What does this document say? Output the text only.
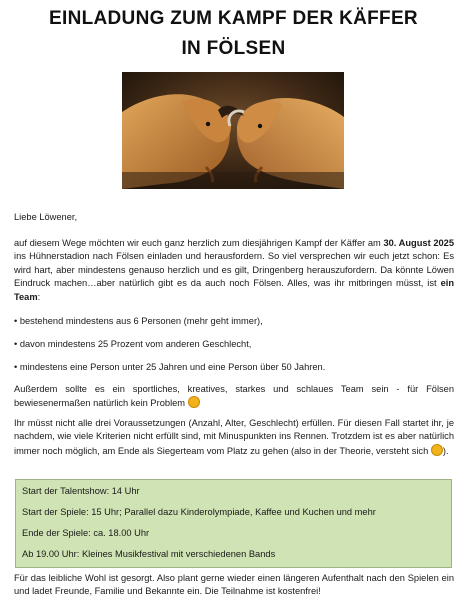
EINLADUNG ZUM KAMPF DER KÄFFER
IN FÖLSEN
Liebe Löwener,
auf diesem Wege möchten wir euch ganz herzlich zum diesjährigen Kampf der Käffer am 30. August 2025 ins Hühnerstadion nach Fölsen einladen und herausfordern. So viel versprechen wir euch jetzt schon: Es wird hart, aber mindestens genauso herzlich und es gilt, Dringenberg herauszufordern. Da könnte Löwen Eindruck machen…aber natürlich gibt es da auch noch Fölsen. Alles, was ihr mitbringen müsst, ist ein Team:
• bestehend mindestens aus 6 Personen (mehr geht immer),
• davon mindestens 25 Prozent vom anderen Geschlecht,
• mindestens eine Person unter 25 Jahren und eine Person über 50 Jahren.
Außerdem sollte es ein sportliches, kreatives, starkes und schlaues Team sein - für Fölsen bewiesenermaßen natürlich kein Problem
Ihr müsst nicht alle drei Voraussetzungen (Anzahl, Alter, Geschlecht) erfüllen. Für diesen Fall startet ihr, je nachdem, wie viele Kriterien nicht erfüllt sind, mit Minuspunkten ins Rennen. Trotzdem ist es aber natürlich immer noch möglich, am Ende als Siegerteam vom Platz zu gehen (also in der Theorie, versteht sich ).
Start der Talentshow: 14 Uhr
Start der Spiele: 15 Uhr; Parallel dazu Kinderolympiade, Kaffee und Kuchen und mehr
Ende der Spiele: ca. 18.00 Uhr
Ab 19.00 Uhr: Kleines Musikfestival mit verschiedenen Bands
Für das leibliche Wohl ist gesorgt. Also plant gerne wieder einen längeren Aufenthalt nach den Spielen ein und ladet Freunde, Familie und Bekannte ein. Die Teilnahme ist kostenfrei!
